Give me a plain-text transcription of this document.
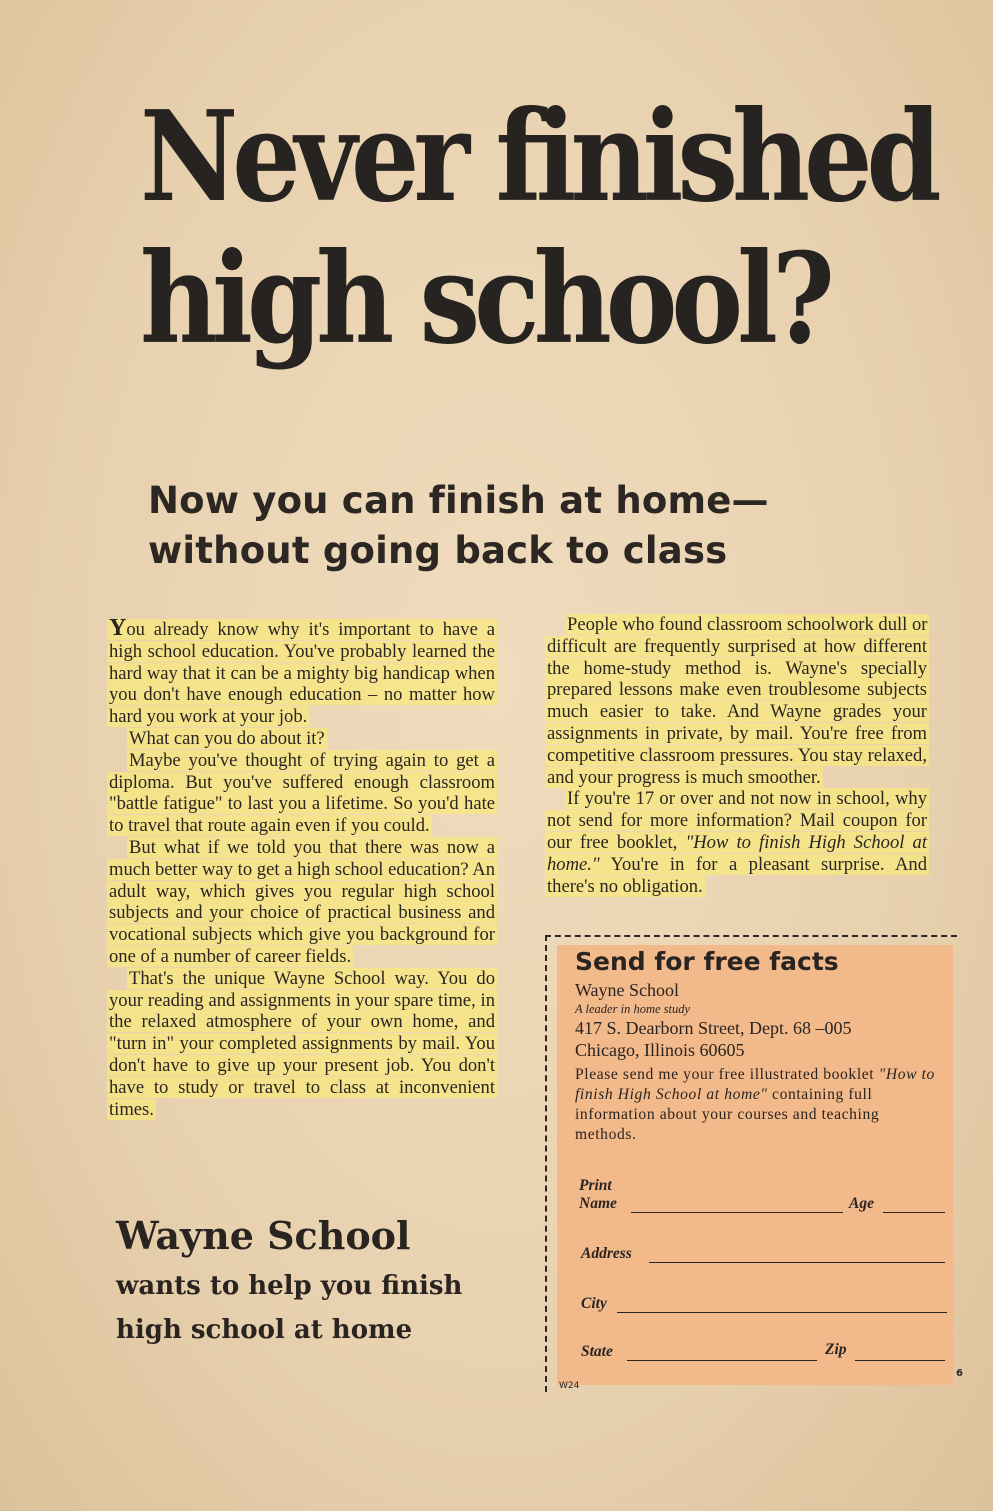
Never finished
high school?
Now you can finish at home—
without going back to class

You already know why it's important to have a high school education. You've probably learned the hard way that it can be a mighty big handicap when you don't have enough education – no matter how hard you work at your job.

What can you do about it?

Maybe you've thought of trying again to get a diploma. But you've suffered enough classroom "battle fatigue" to last you a lifetime. So you'd hate to travel that route again even if you could.

But what if we told you that there was now a much better way to get a high school education? An adult way, which gives you regular high school subjects and your choice of practical business and vocational subjects which give you background for one of a number of career fields.

That's the unique Wayne School way. You do your reading and assignments in your spare time, in the relaxed atmosphere of your own home, and "turn in" your completed assignments by mail. You don't have to give up your present job. You don't have to study or travel to class at inconvenient times.

People who found classroom schoolwork dull or difficult are frequently surprised at how different the home-study method is. Wayne's specially prepared lessons make even troublesome subjects much easier to take. And Wayne grades your assignments in private, by mail. You're free from competitive classroom pressures. You stay relaxed, and your progress is much smoother.

If you're 17 or over and not now in school, why not send for more information? Mail coupon for our free booklet, "How to finish High School at home." You're in for a pleasant surprise. And there's no obligation.

Wayne School

wants to help you finish

high school at home

Send for free facts

Wayne School

A leader in home study

417 S. Dearborn Street, Dept. 68 –005

Chicago, Illinois 60605

Please send me your free illustrated booklet "How to finish High School at home" containing full information about your courses and teaching methods.

Print
Name	Age
Address
City
State	Zip
W24
6
